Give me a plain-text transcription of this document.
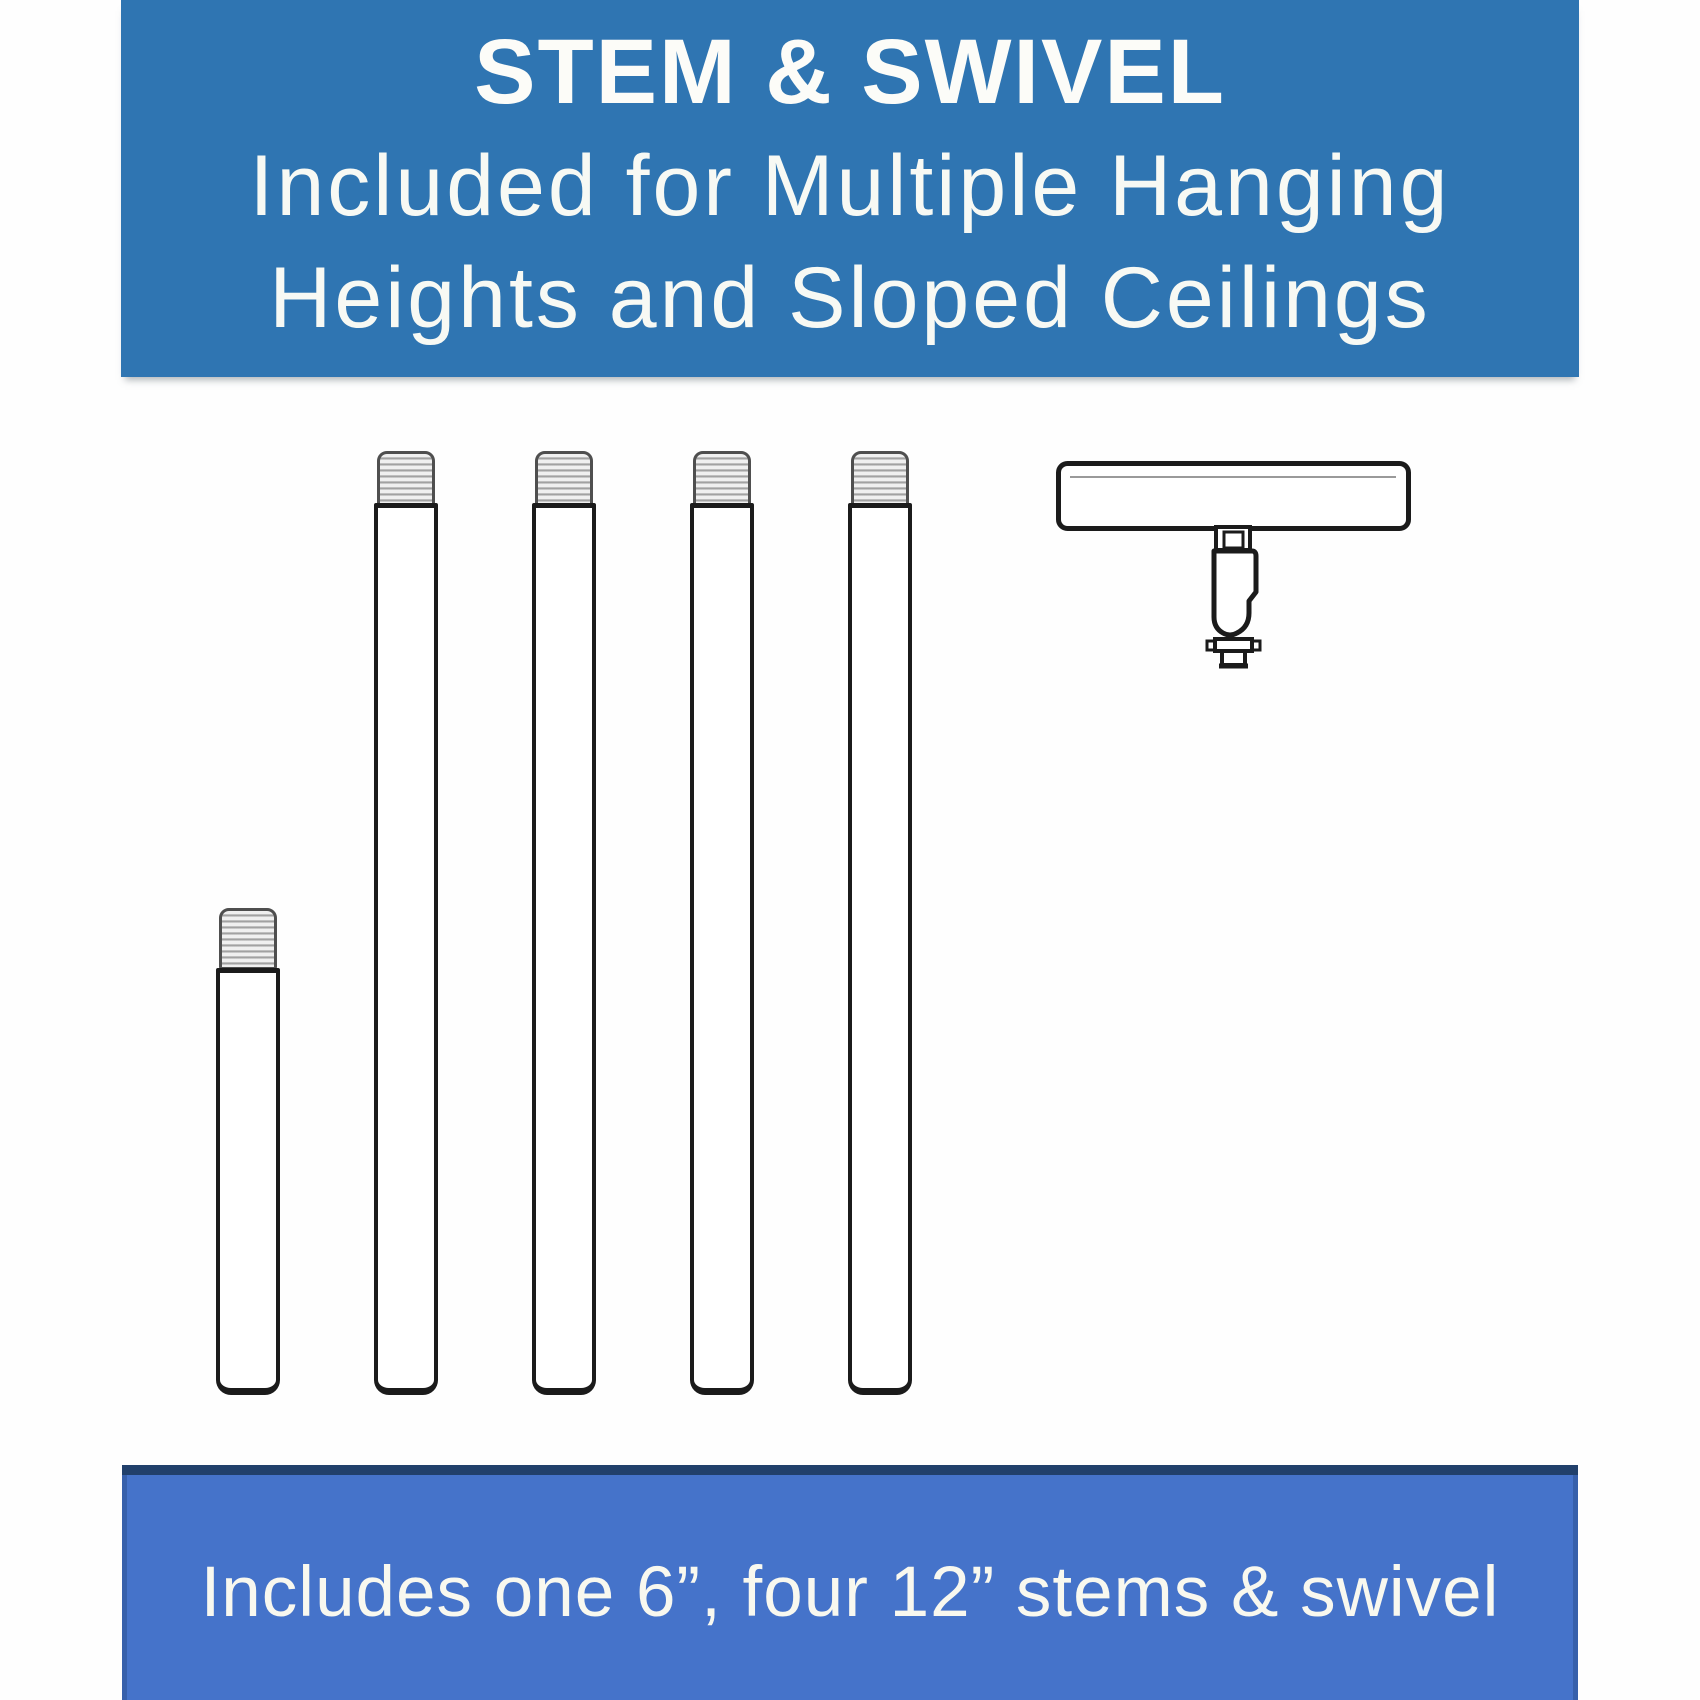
STEM & SWIVEL
Included for Multiple Hanging
Heights and Sloped Ceilings
Includes one 6”, four 12” stems & swivel
